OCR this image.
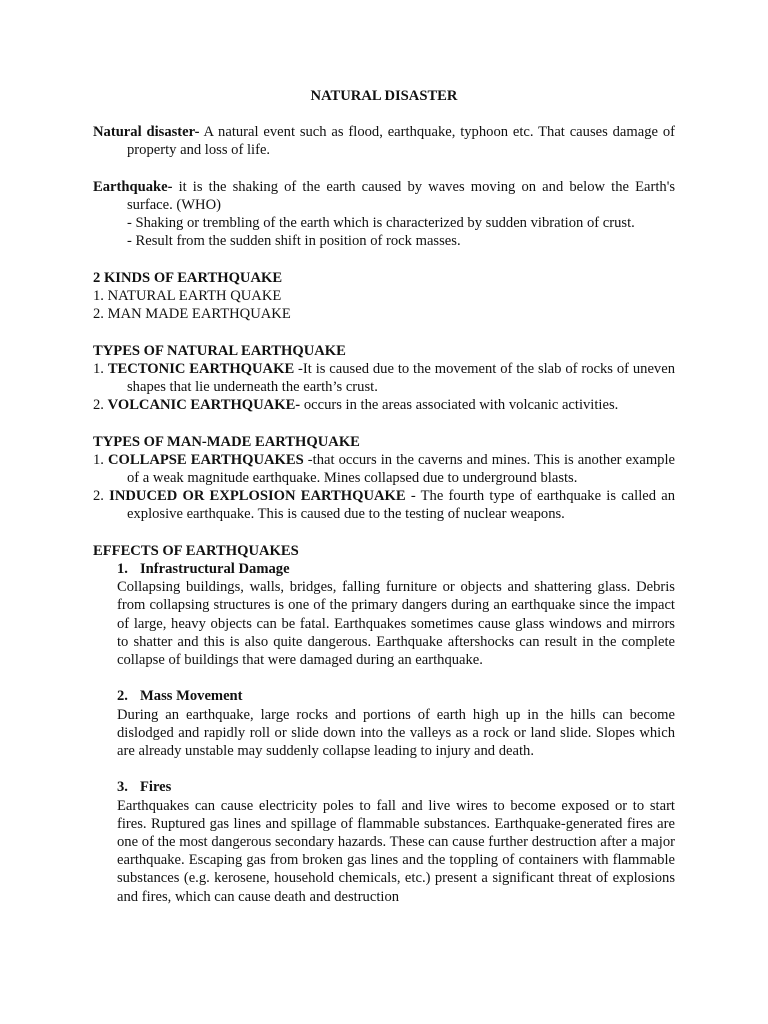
NATURAL DISASTER

Natural disaster- A natural event such as flood, earthquake, typhoon etc. That causes damage of property and loss of life.

Earthquake- it is the shaking of the earth caused by waves moving on and below the Earth's surface. (WHO)

- Shaking or trembling of the earth which is characterized by sudden vibration of crust.

- Result from the sudden shift in position of rock masses.

2 KINDS OF EARTHQUAKE

1. NATURAL EARTH QUAKE

2. MAN MADE EARTHQUAKE

TYPES OF NATURAL EARTHQUAKE

1. TECTONIC EARTHQUAKE -It is caused due to the movement of the slab of rocks of uneven shapes that lie underneath the earth’s crust.

2. VOLCANIC EARTHQUAKE- occurs in the areas associated with volcanic activities.

TYPES OF MAN-MADE EARTHQUAKE

1. COLLAPSE EARTHQUAKES -that occurs in the caverns and mines. This is another example of a weak magnitude earthquake. Mines collapsed due to underground blasts.

2. INDUCED OR EXPLOSION EARTHQUAKE - The fourth type of earthquake is called an explosive earthquake. This is caused due to the testing of nuclear weapons.

EFFECTS OF EARTHQUAKES

1. Infrastructural Damage

Collapsing buildings, walls, bridges, falling furniture or objects and shattering glass. Debris from collapsing structures is one of the primary dangers during an earthquake since the impact of large, heavy objects can be fatal. Earthquakes sometimes cause glass windows and mirrors to shatter and this is also quite dangerous. Earthquake aftershocks can result in the complete collapse of buildings that were damaged during an earthquake.

2. Mass Movement

During an earthquake, large rocks and portions of earth high up in the hills can become dislodged and rapidly roll or slide down into the valleys as a rock or land slide. Slopes which are already unstable may suddenly collapse leading to injury and death.

3. Fires

Earthquakes can cause electricity poles to fall and live wires to become exposed or to start fires. Ruptured gas lines and spillage of flammable substances. Earthquake-generated fires are one of the most dangerous secondary hazards. These can cause further destruction after a major earthquake. Escaping gas from broken gas lines and the toppling of containers with flammable substances (e.g. kerosene, household chemicals, etc.) present a significant threat of explosions and fires, which can cause death and destruction
